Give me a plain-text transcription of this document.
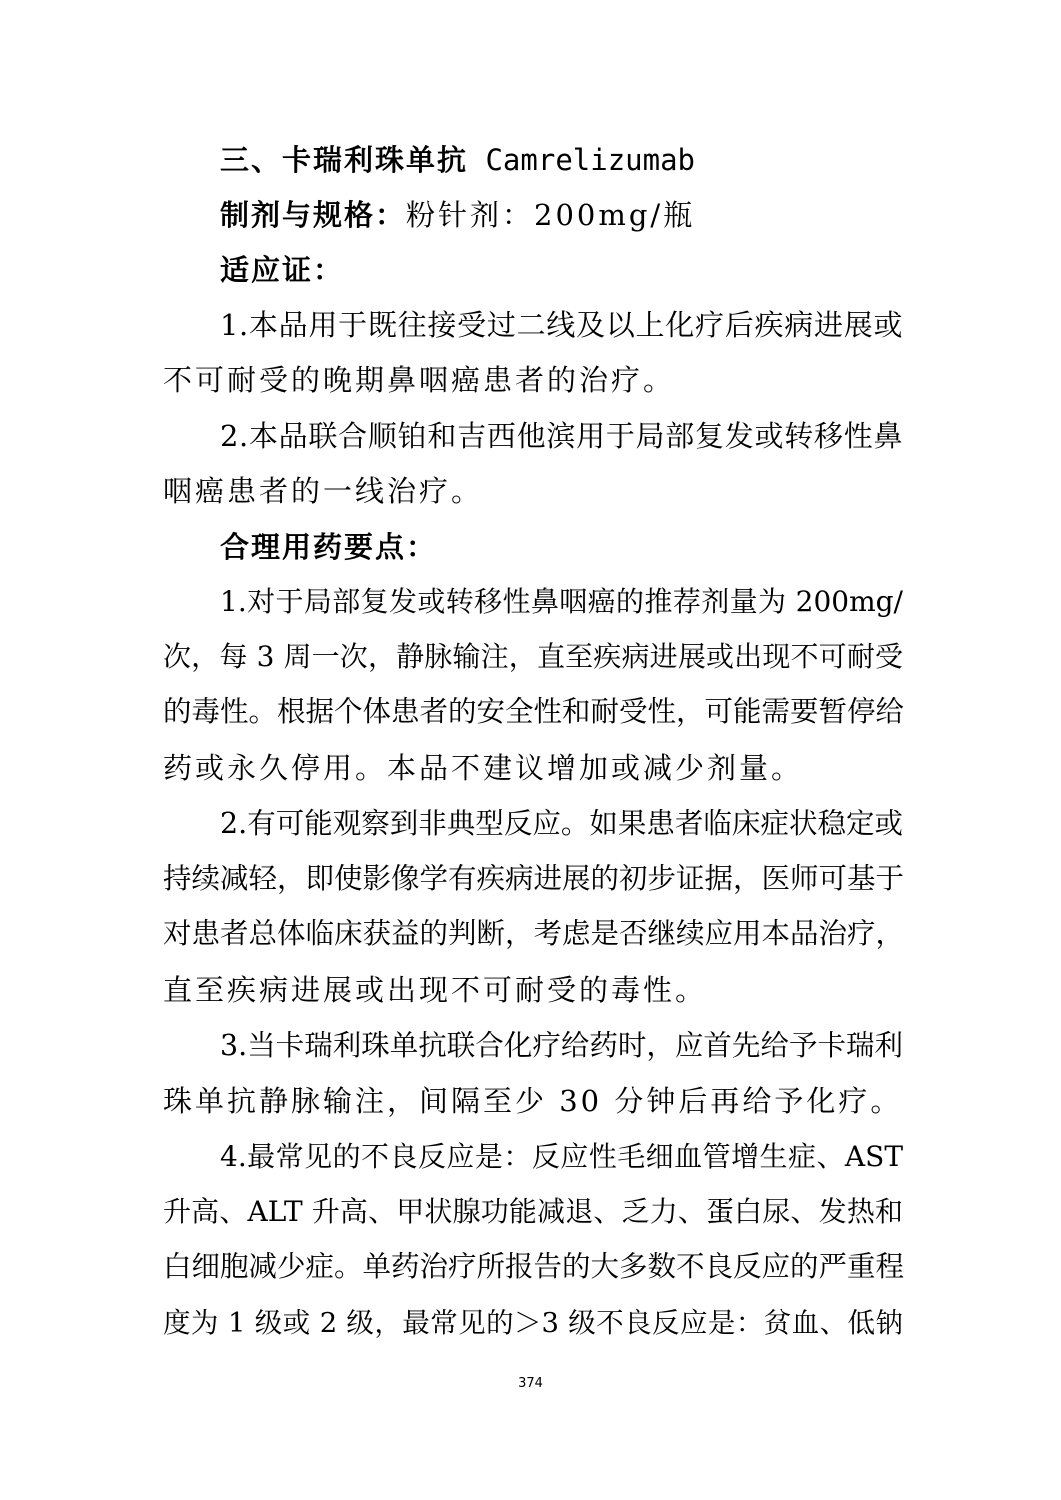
三、卡瑞利珠单抗 Camrelizumab
制剂与规格：粉针剂：200mg/瓶
适应证：
1.本品用于既往接受过二线及以上化疗后疾病进展或
不可耐受的晚期鼻咽癌患者的治疗。
2.本品联合顺铂和吉西他滨用于局部复发或转移性鼻
咽癌患者的一线治疗。
合理用药要点：
1.对于局部复发或转移性鼻咽癌的推荐剂量为 200mg/
次，每 3 周一次，静脉输注，直至疾病进展或出现不可耐受
的毒性。根据个体患者的安全性和耐受性，可能需要暂停给
药或永久停用。本品不建议增加或减少剂量。
2.有可能观察到非典型反应。如果患者临床症状稳定或
持续减轻，即使影像学有疾病进展的初步证据，医师可基于
对患者总体临床获益的判断，考虑是否继续应用本品治疗，
直至疾病进展或出现不可耐受的毒性。
3.当卡瑞利珠单抗联合化疗给药时，应首先给予卡瑞利
珠单抗静脉输注，间隔至少 30 分钟后再给予化疗。
4.最常见的不良反应是：反应性毛细血管增生症、AST
升高、ALT 升高、甲状腺功能减退、乏力、蛋白尿、发热和
白细胞减少症。单药治疗所报告的大多数不良反应的严重程
度为 1 级或 2 级，最常见的＞3 级不良反应是：贫血、低钠
374
